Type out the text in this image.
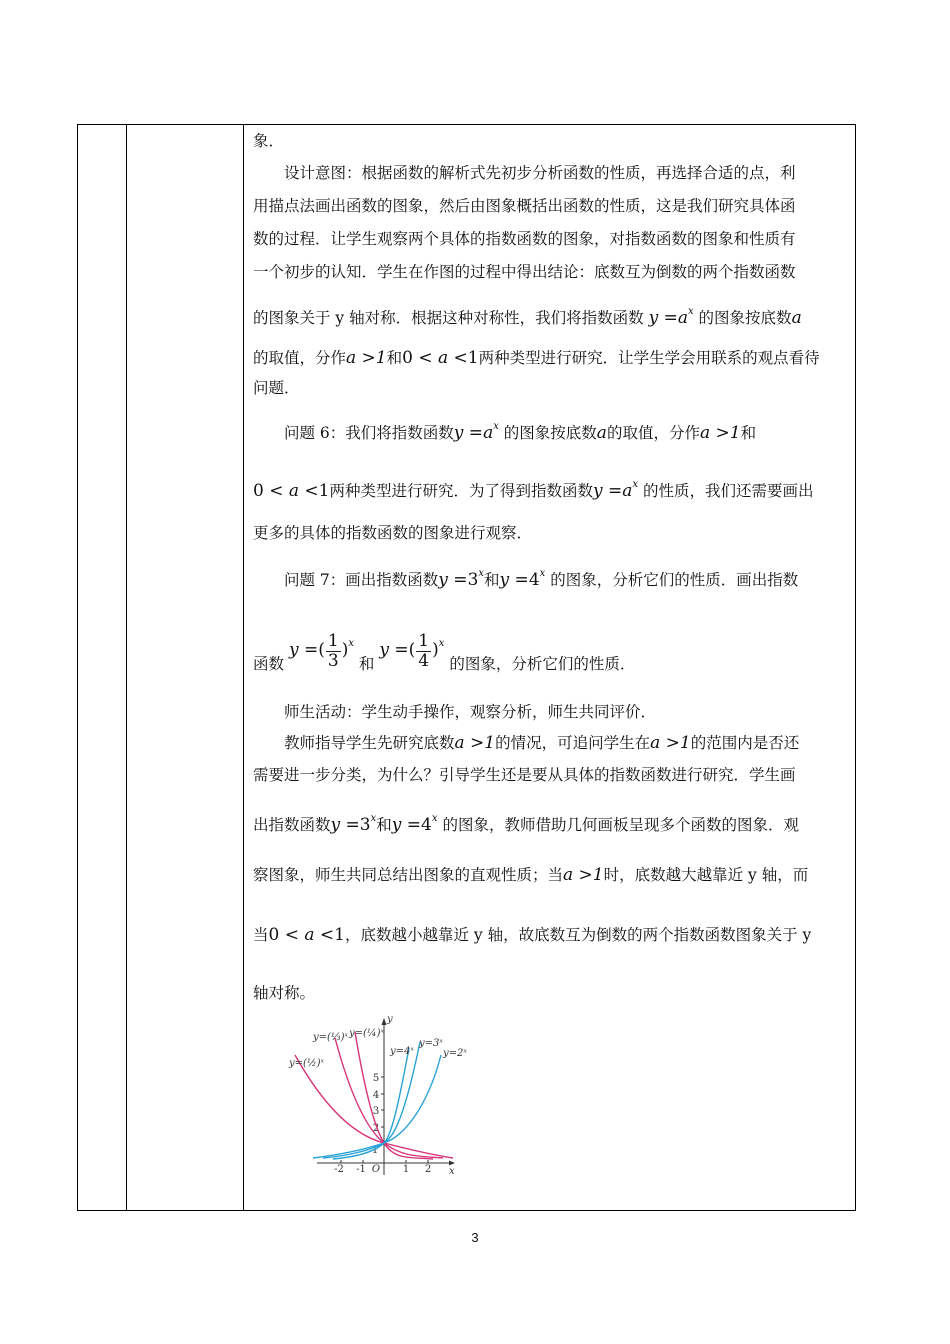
象．
设计意图：根据函数的解析式先初步分析函数的性质，再选择合适的点，利
用描点法画出函数的图象，然后由图象概括出函数的性质，这是我们研究具体函
数的过程．让学生观察两个具体的指数函数的图象，对指数函数的图象和性质有
一个初步的认知．学生在作图的过程中得出结论：底数互为倒数的两个指数函数
的图象关于 y 轴对称．根据这种对称性，我们将指数函数 $y =a^x$ 的图象按底数a
的取值，分作a >1和0 < a <1两种类型进行研究．让学生学会用联系的观点看待
问题．
问题 6：我们将指数函数$y =a^x$ 的图象按底数a的取值，分作a >1和
0 < a <1两种类型进行研究．为了得到指数函数$y =a^x$ 的性质，我们还需要画出
更多的具体的指数函数的图象进行观察．
问题 7：画出指数函数$y =3^x$和$y =4^x$ 的图象，分析它们的性质．画出指数
函数 y =( $\frac{1}{3} )^x$ 和 y =( $\frac{1}{4} )^x$ 的图象，分析它们的性质．
师生活动：学生动手操作，观察分析，师生共同评价．
教师指导学生先研究底数a >1的情况，可追问学生在a >1的范围内是否还
需要进一步分类，为什么？引导学生还是要从具体的指数函数进行研究．学生画
出指数函数$y =3^x$和$y =4^x$ 的图象，教师借助几何画板呈现多个函数的图象．观
察图象，师生共同总结出图象的直观性质；当a >1时，底数越大越靠近 y 轴，而
当0 < a <1，底数越小越靠近 y 轴，故底数互为倒数的两个指数函数图象关于 y
轴对称。
1
2
3
4
5
-2 -1	1 2
O	x
y
y=(½)ˣ
y=(⅓)ˣ y=(¼)ˣ
y=4ˣ
y=3ˣ
y=2ˣ
3
